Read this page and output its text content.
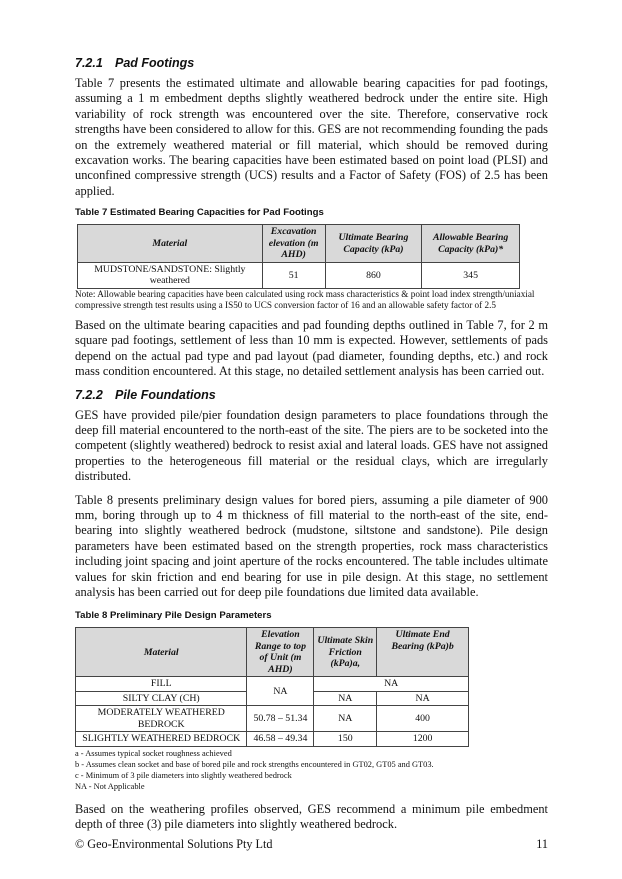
7.2.1 Pad Footings

Table 7 presents the estimated ultimate and allowable bearing capacities for pad footings, assuming a 1 m embedment depths slightly weathered bedrock under the entire site. High variability of rock strength was encountered over the site. Therefore, conservative rock strengths have been considered to allow for this. GES are not recommending founding the pads on the extremely weathered material or fill material, which should be removed during excavation works. The bearing capacities have been estimated based on point load (PLSI) and unconfined compressive strength (UCS) results and a Factor of Safety (FOS) of 2.5 has been applied.

Table 7 Estimated Bearing Capacities for Pad Footings
Material	Excavation elevation (m AHD)	Ultimate Bearing Capacity (kPa)	Allowable Bearing Capacity (kPa)*
MUDSTONE/SANDSTONE: Slightly weathered	51	860	345

Note: Allowable bearing capacities have been calculated using rock mass characteristics & point load index strength/uniaxial compressive strength test results using a IS50 to UCS conversion factor of 16 and an allowable safety factor of 2.5

Based on the ultimate bearing capacities and pad founding depths outlined in Table 7, for 2 m square pad footings, settlement of less than 10 mm is expected. However, settlements of pads depend on the actual pad type and pad layout (pad diameter, founding depths, etc.) and rock mass condition encountered. At this stage, no detailed settlement analysis has been carried out.

7.2.2 Pile Foundations

GES have provided pile/pier foundation design parameters to place foundations through the deep fill material encountered to the north-east of the site. The piers are to be socketed into the competent (slightly weathered) bedrock to resist axial and lateral loads. GES have not assigned properties to the heterogeneous fill material or the residual clays, which are irregularly distributed.

Table 8 presents preliminary design values for bored piers, assuming a pile diameter of 900 mm, boring through up to 4 m thickness of fill material to the north-east of the site, end-bearing into slightly weathered bedrock (mudstone, siltstone and sandstone). Pile design parameters have been estimated based on the strength properties, rock mass characteristics including joint spacing and joint aperture of the rocks encountered. The table includes ultimate values for skin friction and end bearing for use in pile design. At this stage, no settlement analysis has been carried out for deep pile foundations due limited data available.

Table 8 Preliminary Pile Design Parameters
Material	Elevation Range to top of Unit (m AHD)	Ultimate Skin Friction (kPa)a,	Ultimate End Bearing (kPa)b
FILL	NA	NA	
SILTY CLAY (CH)		NA	NA
MODERATELY WEATHERED BEDROCK	50.78 – 51.34	NA	400
SLIGHTLY WEATHERED BEDROCK	46.58 – 49.34	150	1200

a - Assumes typical socket roughness achieved

b - Assumes clean socket and base of bored pile and rock strengths encountered in GT02, GT05 and GT03.

c - Minimum of 3 pile diameters into slightly weathered bedrock

NA - Not Applicable

Based on the weathering profiles observed, GES recommend a minimum pile embedment depth of three (3) pile diameters into slightly weathered bedrock.

© Geo-Environmental Solutions Pty Ltd	11
